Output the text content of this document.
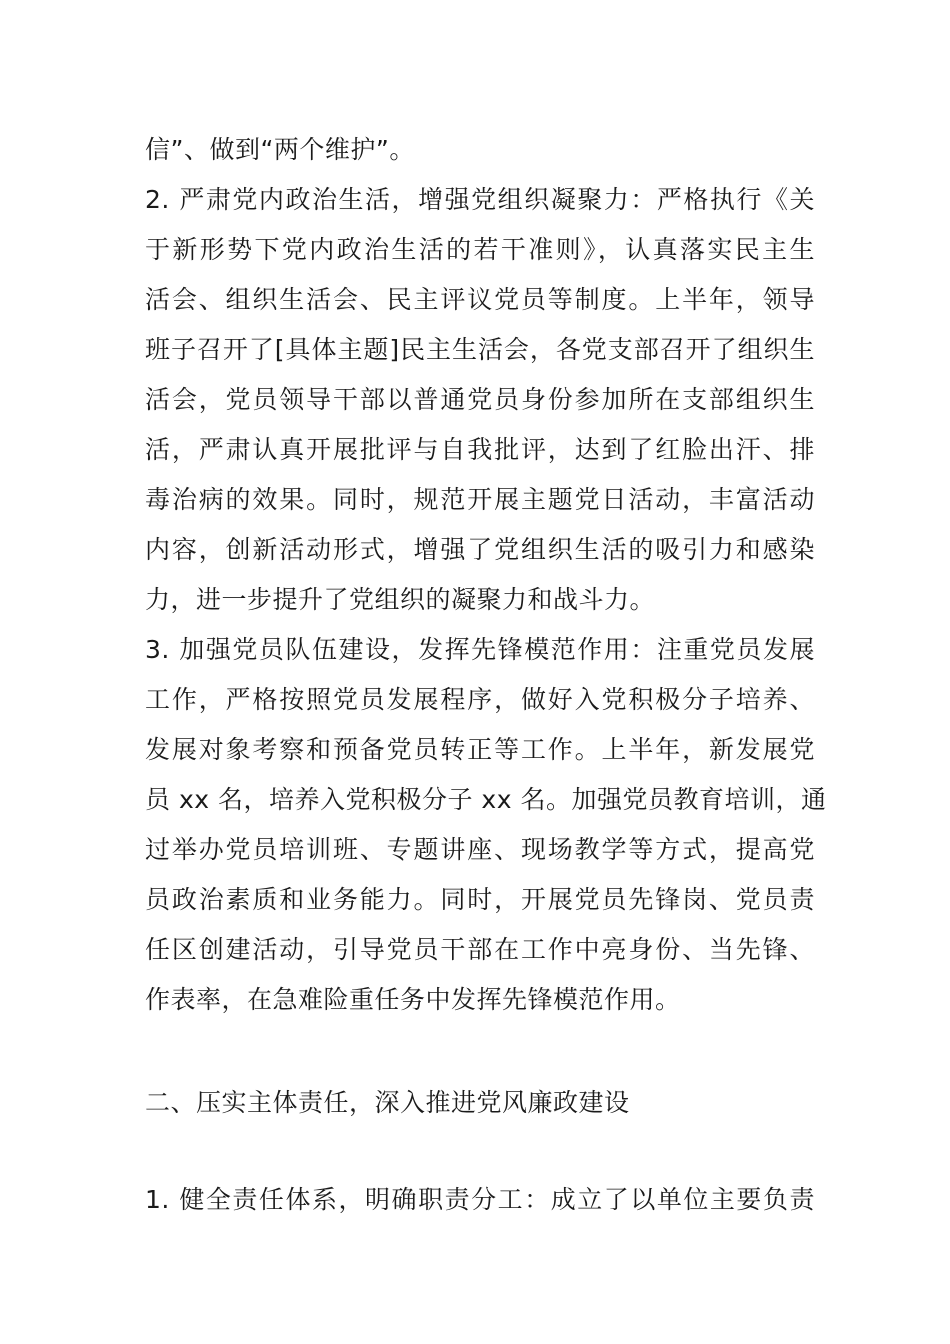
信”、做到“两个维护”。
2. 严肃党内政治生活，增强党组织凝聚力：严格执行《关
于新形势下党内政治生活的若干准则》，认真落实民主生
活会、组织生活会、民主评议党员等制度。上半年，领导
班子召开了[具体主题]民主生活会，各党支部召开了组织生
活会，党员领导干部以普通党员身份参加所在支部组织生
活，严肃认真开展批评与自我批评，达到了红脸出汗、排
毒治病的效果。同时，规范开展主题党日活动，丰富活动
内容，创新活动形式，增强了党组织生活的吸引力和感染
力，进一步提升了党组织的凝聚力和战斗力。
3. 加强党员队伍建设，发挥先锋模范作用：注重党员发展
工作，严格按照党员发展程序，做好入党积极分子培养、
发展对象考察和预备党员转正等工作。上半年，新发展党
员 xx 名，培养入党积极分子 xx 名。加强党员教育培训，通
过举办党员培训班、专题讲座、现场教学等方式，提高党
员政治素质和业务能力。同时，开展党员先锋岗、党员责
任区创建活动，引导党员干部在工作中亮身份、当先锋、
作表率，在急难险重任务中发挥先锋模范作用。
二、压实主体责任，深入推进党风廉政建设
1. 健全责任体系，明确职责分工：成立了以单位主要负责
